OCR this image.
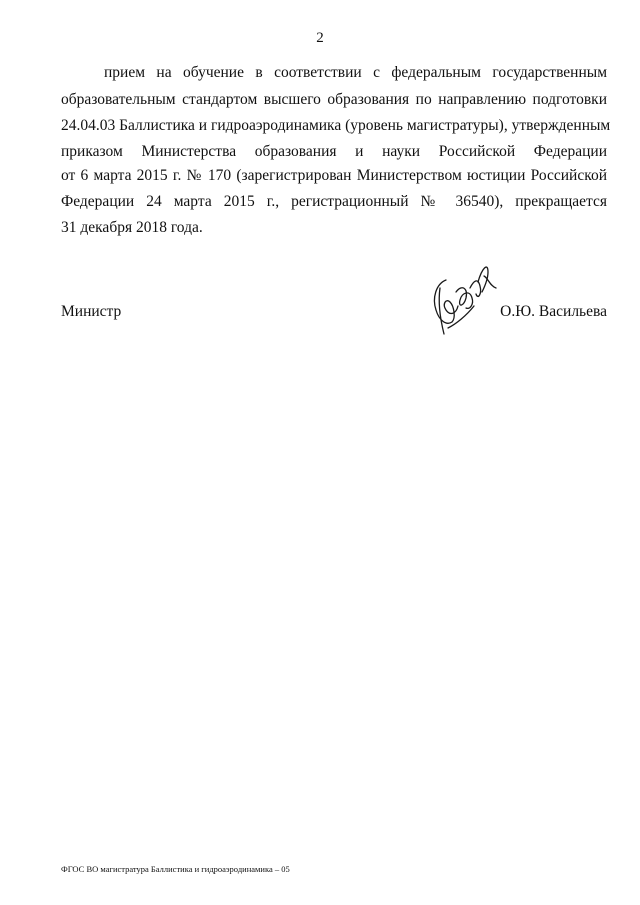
2
прием на обучение в соответствии с федеральным государственным
образовательным стандартом высшего образования по направлению подготовки
24.04.03 Баллистика и гидроаэродинамика (уровень магистратуры), утвержденным
приказом Министерства образования и науки Российской Федерации
от 6 марта 2015 г. № 170 (зарегистрирован Министерством юстиции Российской
Федерации 24 марта 2015 г., регистрационный № 36540), прекращается
31 декабря 2018 года.
Министр	О.Ю. Васильева
ФГОС ВО магистратура Баллистика и гидроаэродинамика – 05
